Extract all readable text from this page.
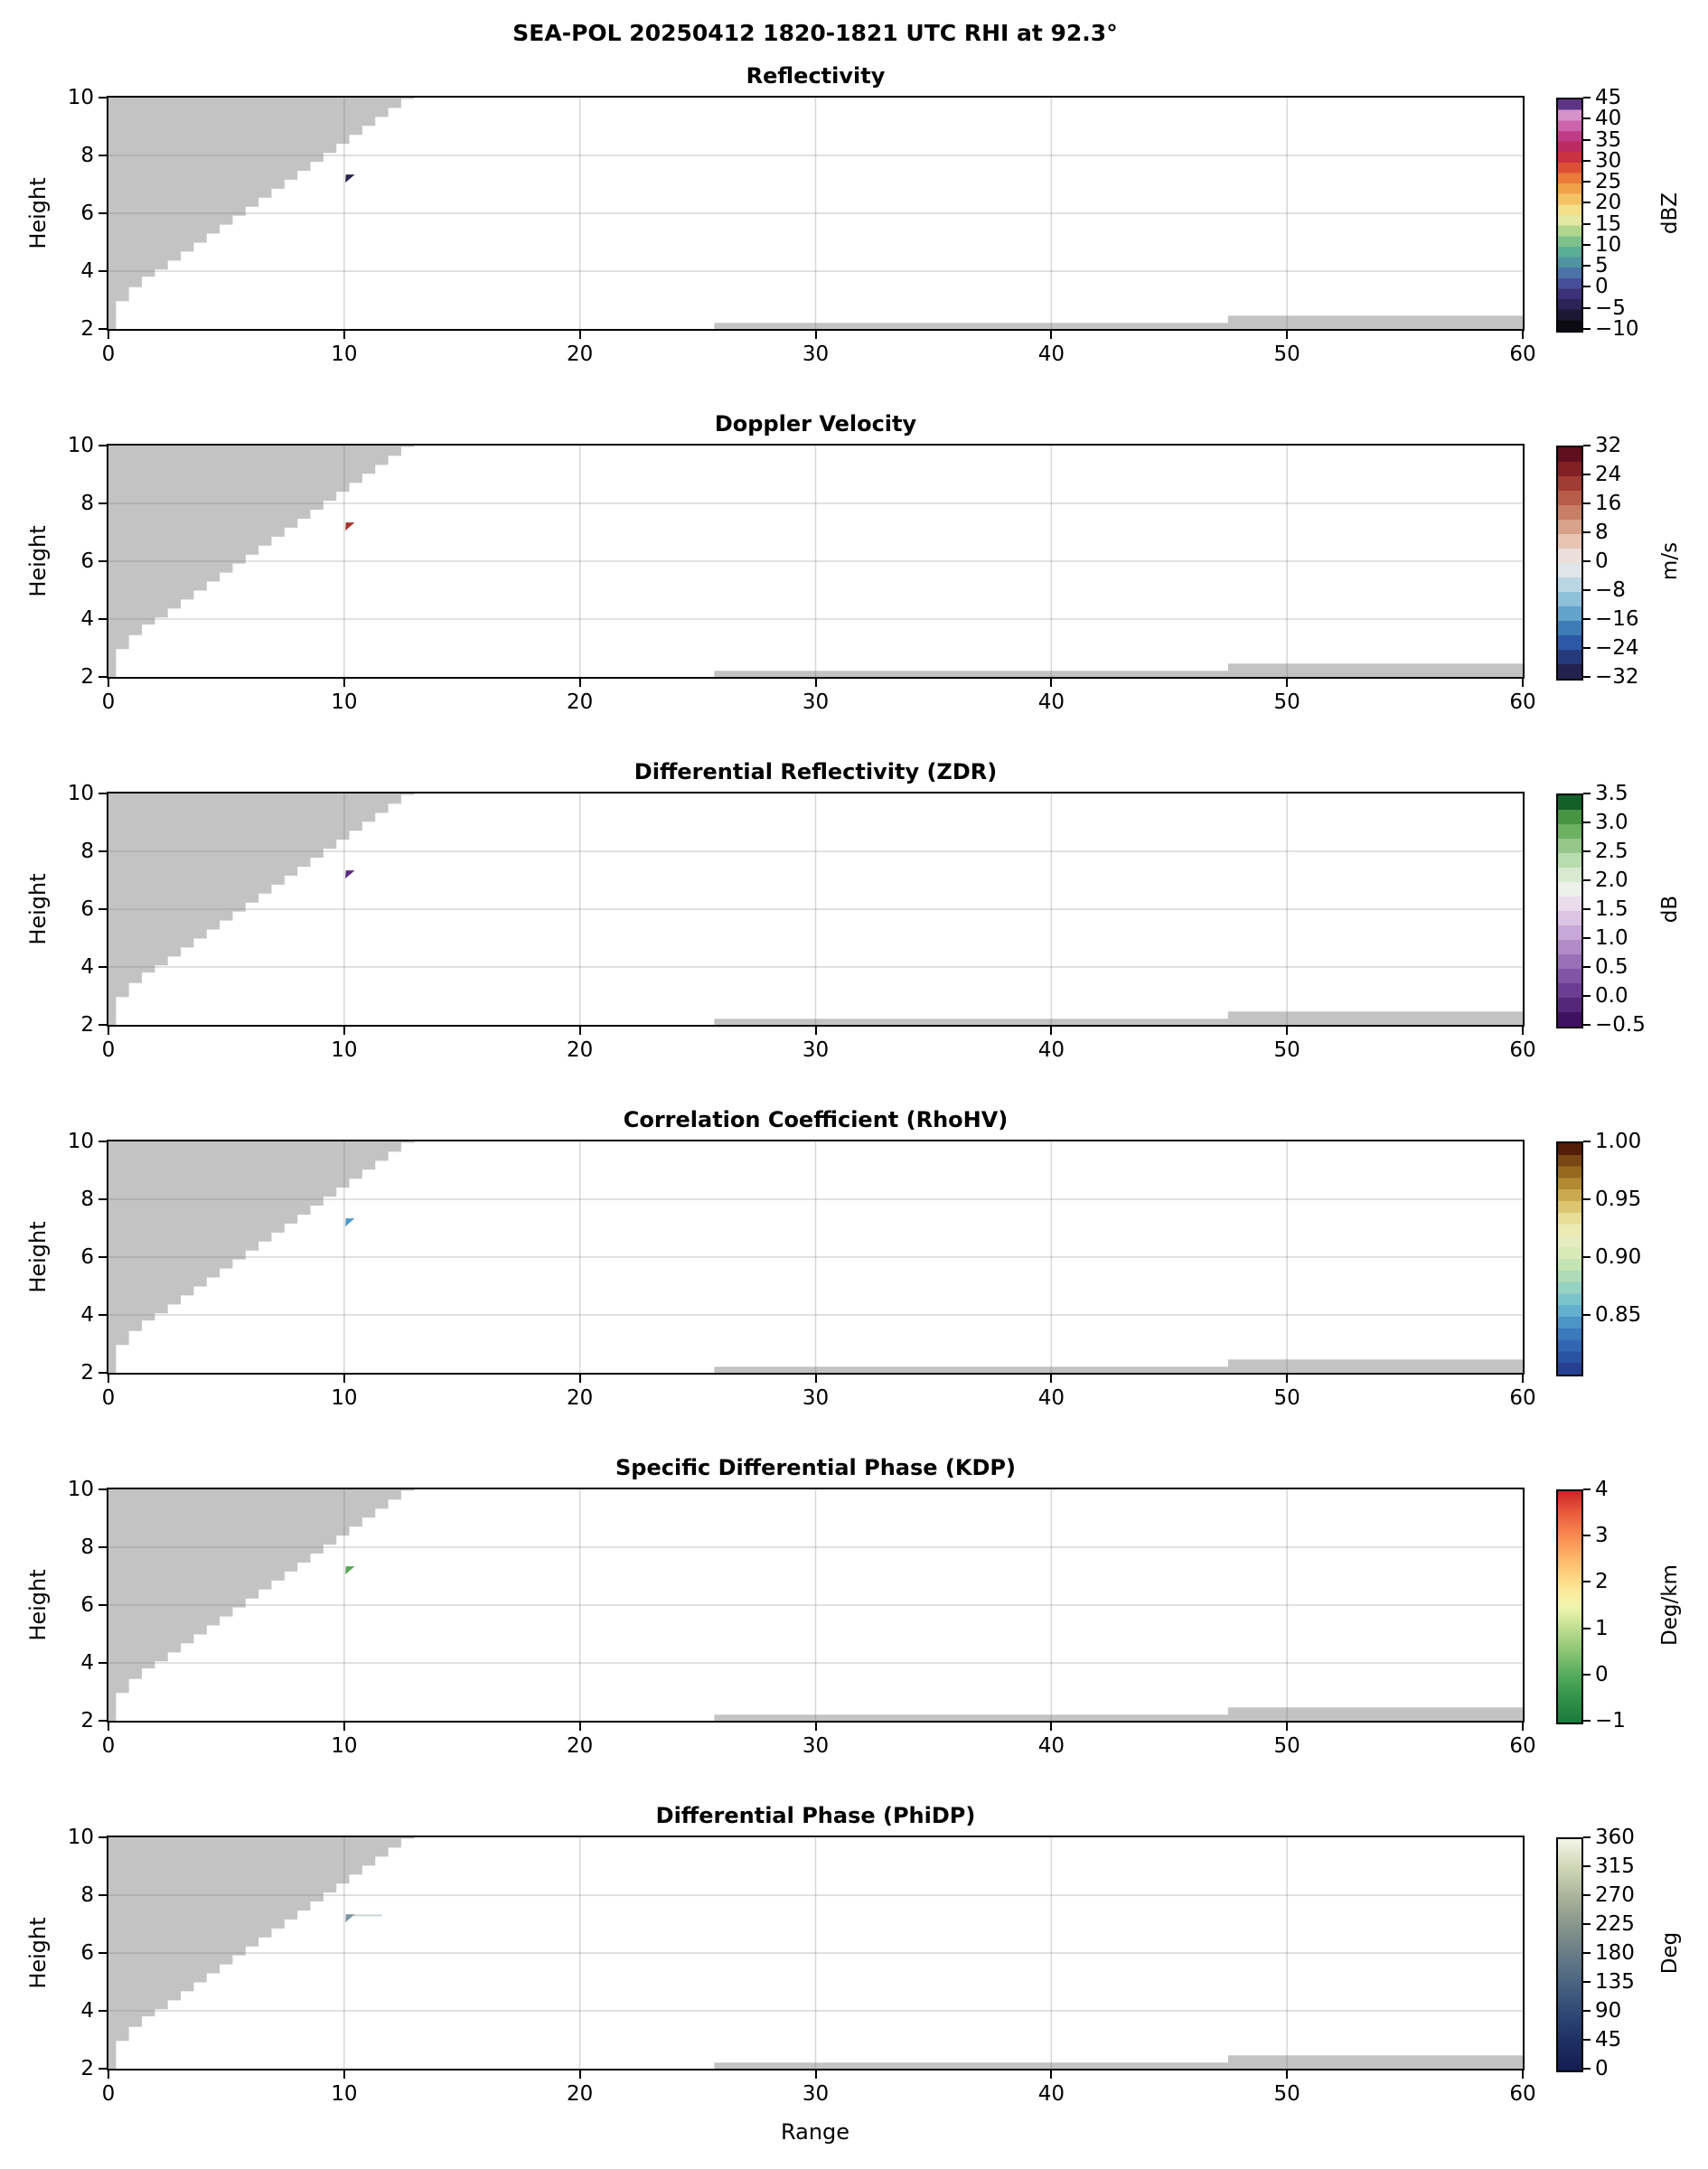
SEA-POL 20250412 1820-1821 UTC RHI at 92.3°
Reflectivity
0	10	20	30	40	50	60
2
4
6
8
10
Height
45
40
35
30
25
20
15
10
5
0
−5
−10
dBZ
Doppler Velocity
0	10	20	30	40	50	60
2
4
6
8
10
Height
32
24
16
8
0
−8
−16
−24
−32
m/s
Differential Reflectivity (ZDR)
0	10	20	30	40	50	60
2
4
6
8
10
Height
3.5
3.0
2.5
2.0
1.5
1.0
0.5
0.0
−0.5
dB
Correlation Coefficient (RhoHV)
0	10	20	30	40	50	60
2
4
6
8
10
Height
1.00
0.95
0.90
0.85
Specific Differential Phase (KDP)
0	10	20	30	40	50	60
2
4
6
8
10
Height
4
3
2
1
0
−1
Deg/km
Differential Phase (PhiDP)
0	10	20	30	40	50	60
2
4
6
8
10
Height
360
315
270
225
180
135
90
45
0
Deg
Range
